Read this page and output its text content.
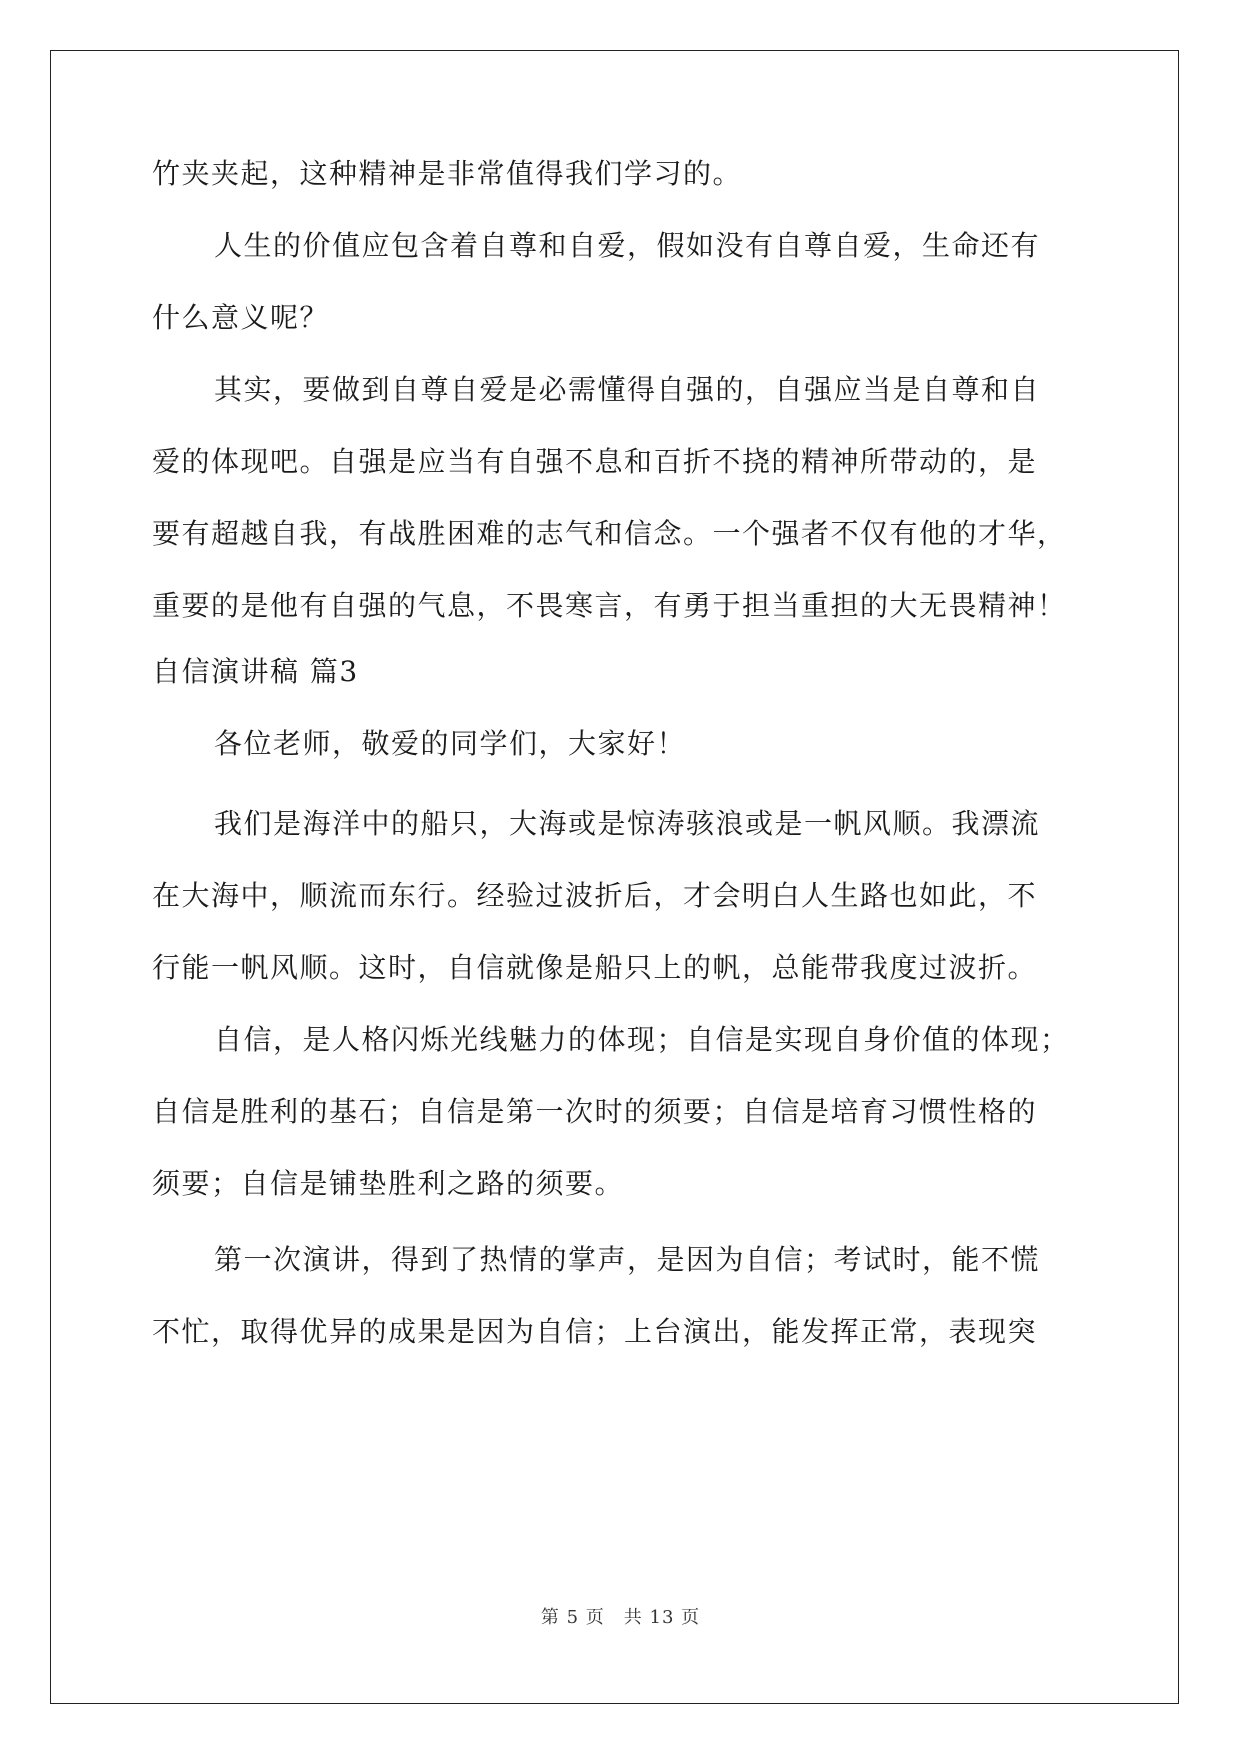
竹夹夹起，这种精神是非常值得我们学习的。
人生的价值应包含着自尊和自爱，假如没有自尊自爱，生命还有
什么意义呢？
其实，要做到自尊自爱是必需懂得自强的，自强应当是自尊和自
爱的体现吧。自强是应当有自强不息和百折不挠的精神所带动的，是
要有超越自我，有战胜困难的志气和信念。一个强者不仅有他的才华，
重要的是他有自强的气息，不畏寒言，有勇于担当重担的大无畏精神！
自信演讲稿 篇3
各位老师，敬爱的同学们，大家好！
我们是海洋中的船只，大海或是惊涛骇浪或是一帆风顺。我漂流
在大海中，顺流而东行。经验过波折后，才会明白人生路也如此，不
行能一帆风顺。这时，自信就像是船只上的帆，总能带我度过波折。
自信，是人格闪烁光线魅力的体现；自信是实现自身价值的体现；
自信是胜利的基石；自信是第一次时的须要；自信是培育习惯性格的
须要；自信是铺垫胜利之路的须要。
第一次演讲，得到了热情的掌声，是因为自信；考试时，能不慌
不忙，取得优异的成果是因为自信；上台演出，能发挥正常，表现突
第 5 页　共 13 页
